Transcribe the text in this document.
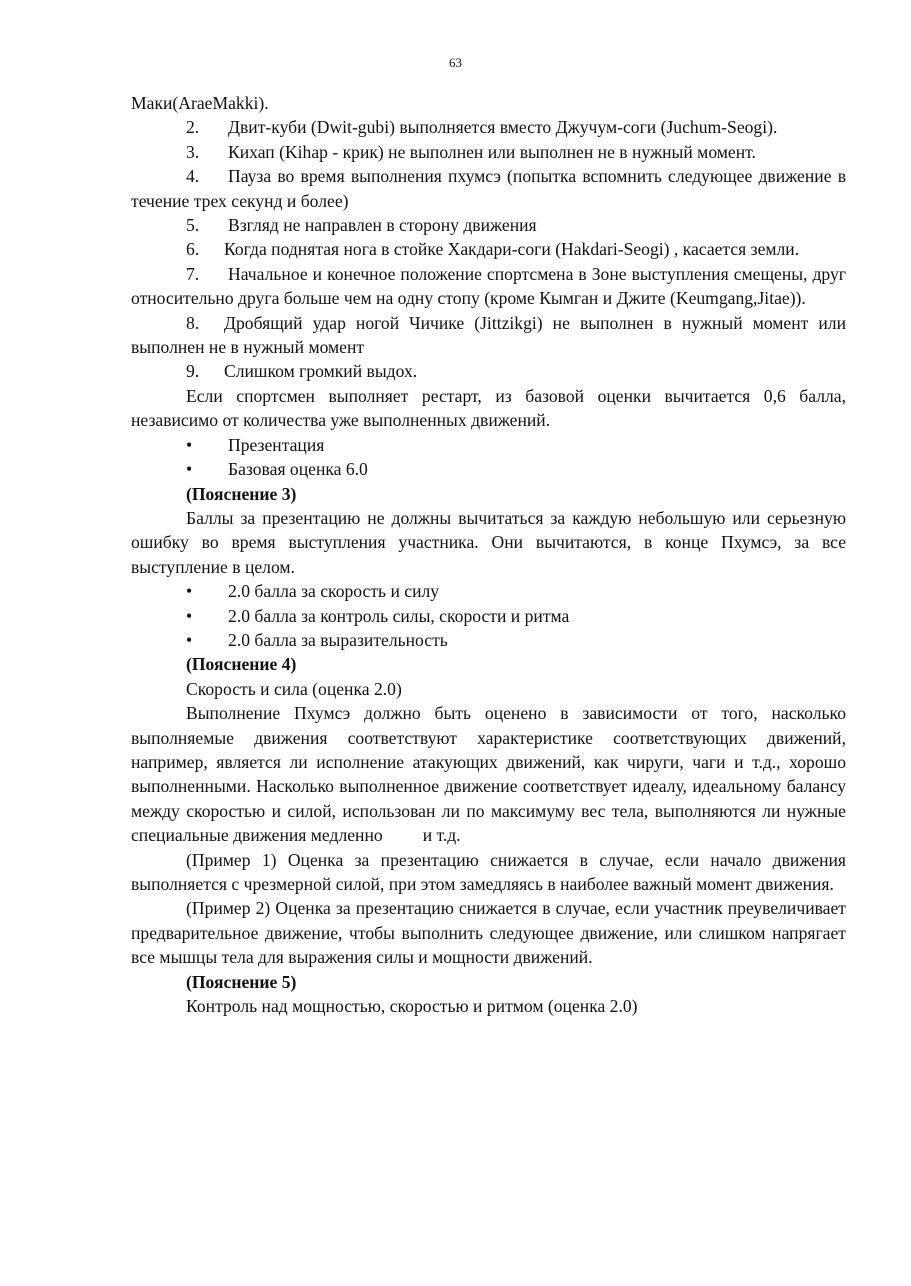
63

Маки(AraeMakki).

2. Двит-куби (Dwit-gubi) выполняется вместо Джучум-соги (Juchum-Seogi).

3. Кихап (Kihap - крик) не выполнен или выполнен не в нужный момент.

4. Пауза во время выполнения пхумсэ (попытка вспомнить следующее движение в течение трех секунд и более)

5. Взгляд не направлен в сторону движения

6. Когда поднятая нога в стойке Хакдари-соги (Hakdari-Seogi) , касается земли.

7. Начальное и конечное положение спортсмена в Зоне выступления смещены, друг относительно друга больше чем на одну стопу (кроме Кымган и Джите (Keumgang,Jitae)).

8. Дробящий удар ногой Чичике (Jittzikgi) не выполнен в нужный момент или выполнен не в нужный момент

9. Слишком громкий выдох.

Если спортсмен выполняет рестарт, из базовой оценки вычитается 0,6 балла, независимо от количества уже выполненных движений.

• Презентация

• Базовая оценка 6.0

(Пояснение 3)

Баллы за презентацию не должны вычитаться за каждую небольшую или серьезную ошибку во время выступления участника. Они вычитаются, в конце Пхумсэ, за все выступление в целом.

• 2.0 балла за скорость и силу

• 2.0 балла за контроль силы, скорости и ритма

• 2.0 балла за выразительность

(Пояснение 4)

Скорость и сила (оценка 2.0)

Выполнение Пхумсэ должно быть оценено в зависимости от того, насколько выполняемые движения соответствуют характеристике соответствующих движений, например, является ли исполнение атакующих движений, как чируги, чаги и т.д., хорошо выполненными. Насколько выполненное движение соответствует идеалу, идеальному балансу между скоростью и силой, использован ли по максимуму вес тела, выполняются ли нужные специальные движения медленно и т.д.

(Пример 1) Оценка за презентацию снижается в случае, если начало движения выполняется с чрезмерной силой, при этом замедляясь в наиболее важный момент движения.

(Пример 2) Оценка за презентацию снижается в случае, если участник преувеличивает предварительное движение, чтобы выполнить следующее движение, или слишком напрягает все мышцы тела для выражения силы и мощности движений.

(Пояснение 5)

Контроль над мощностью, скоростью и ритмом (оценка 2.0)
